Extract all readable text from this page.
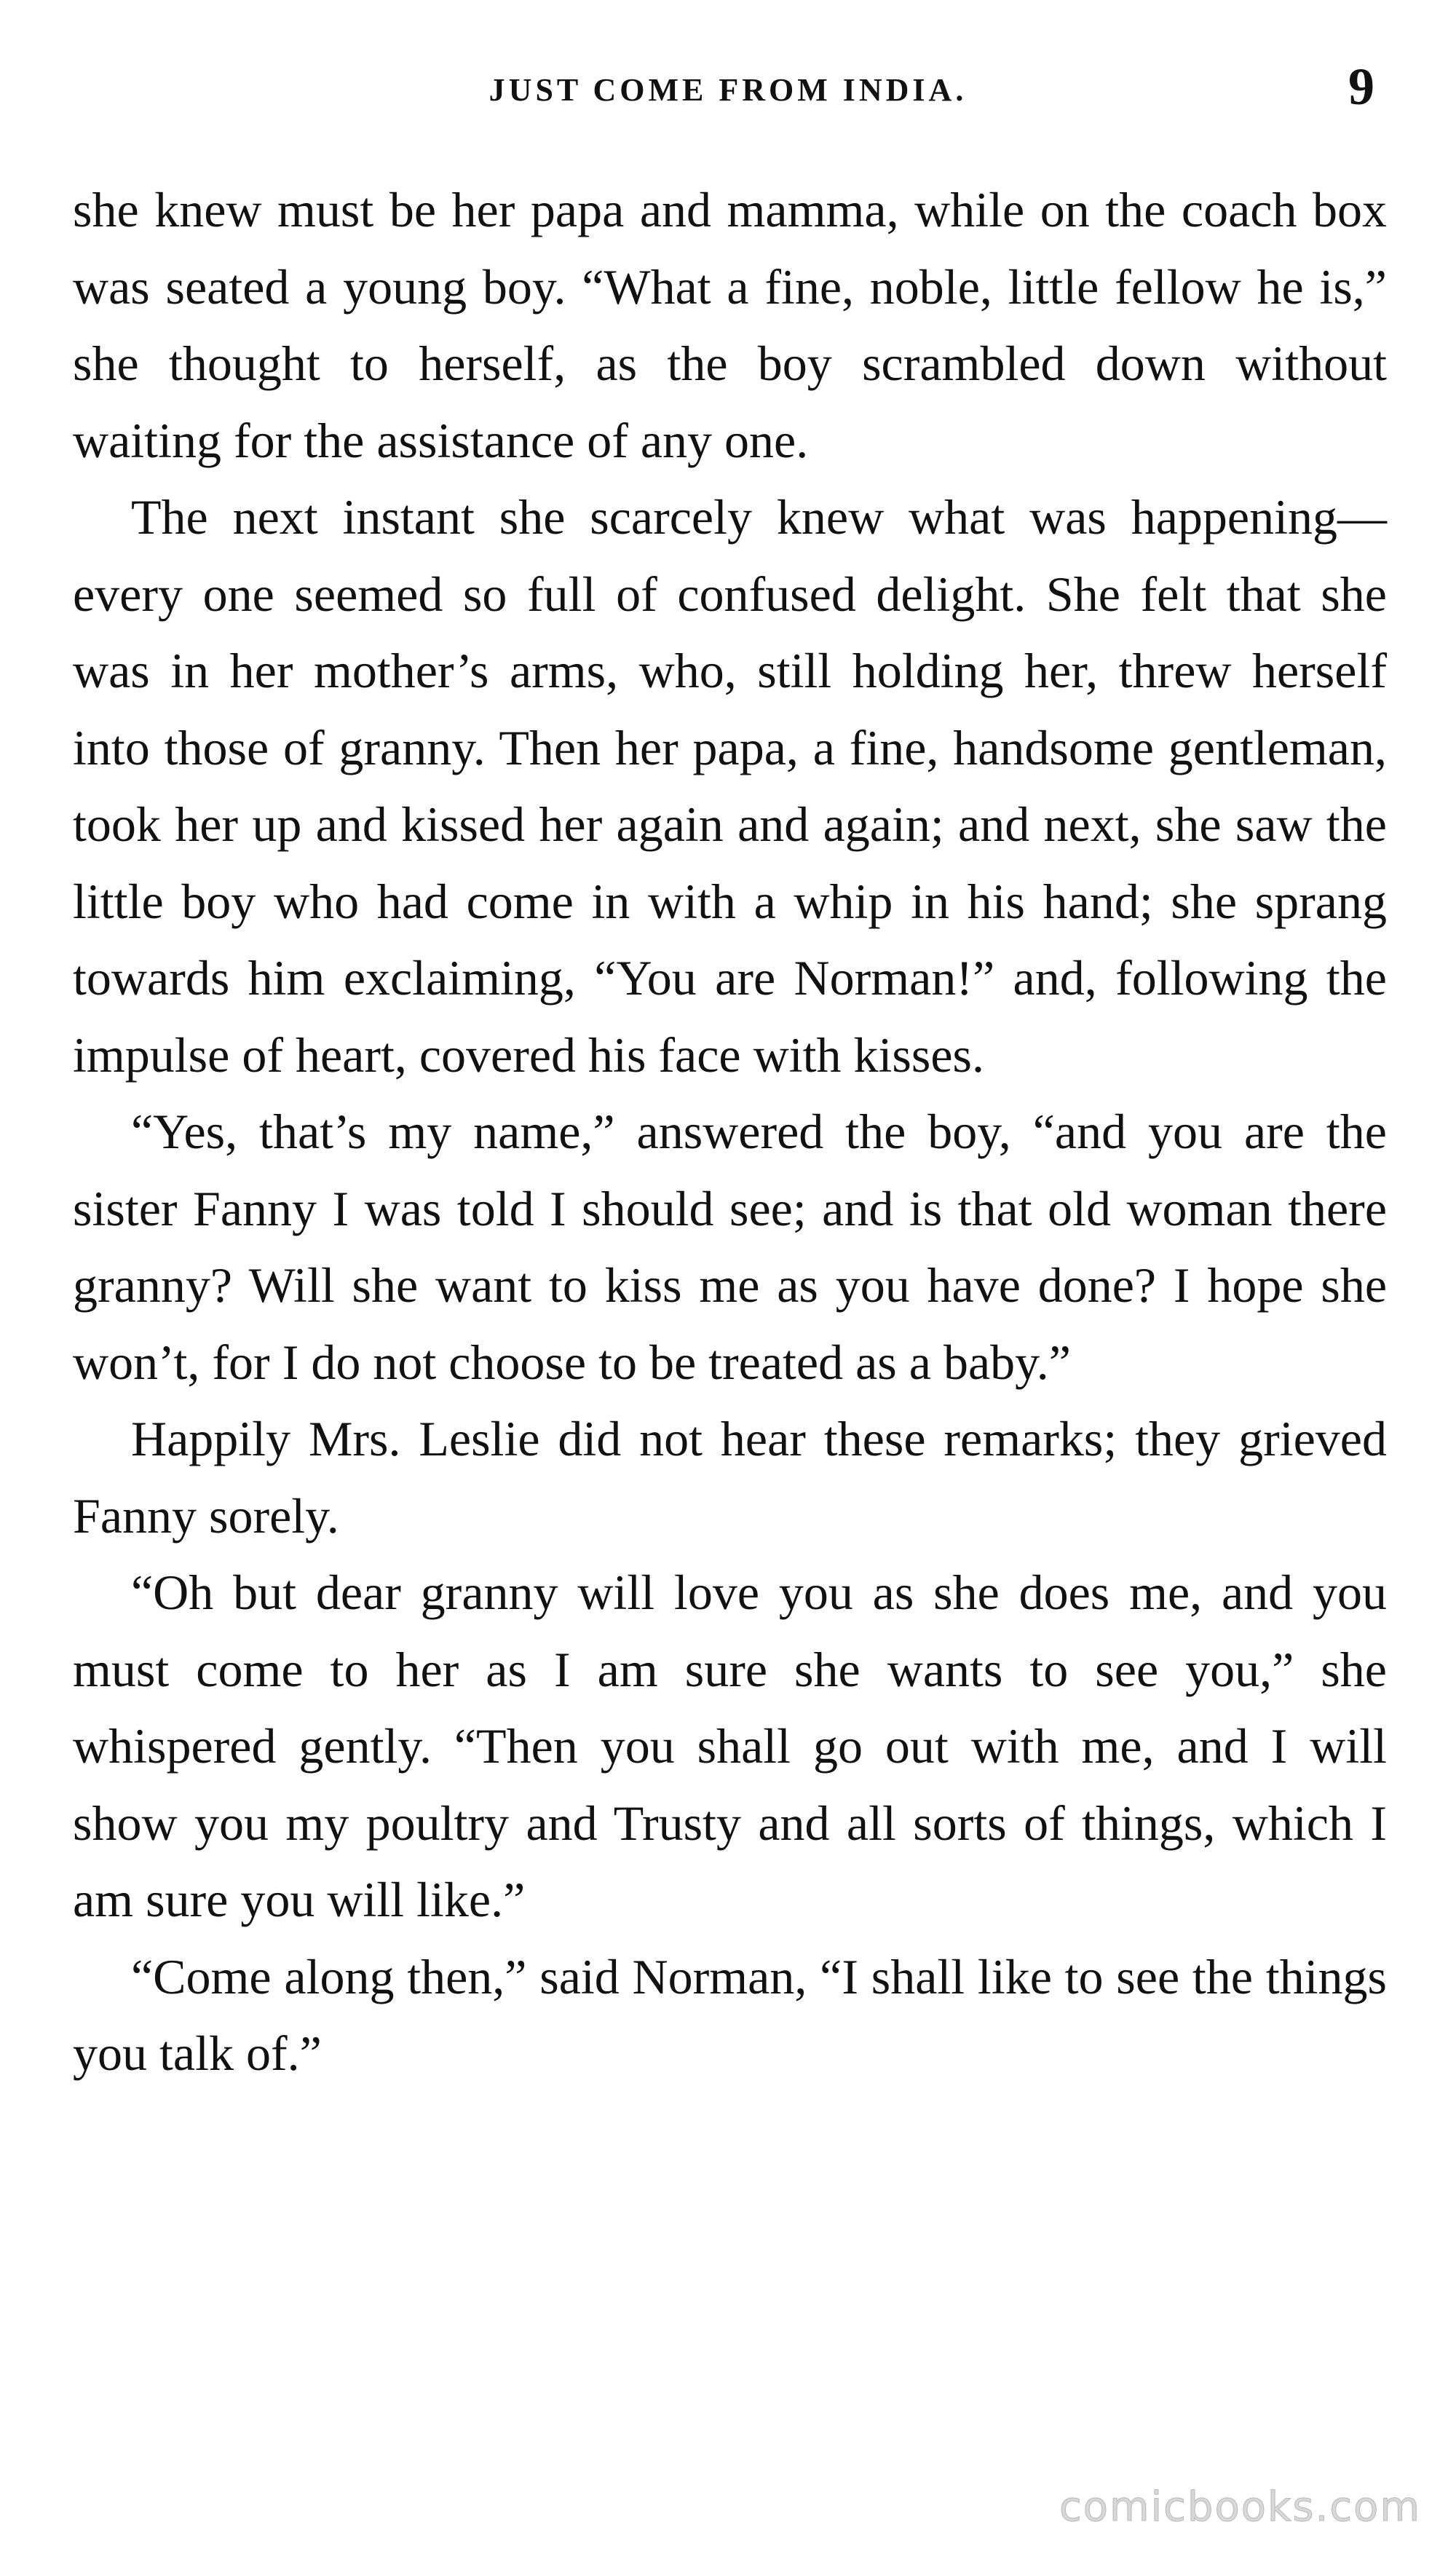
JUST COME FROM INDIA.	9

she knew must be her papa and mamma, while on the coach box was seated a young boy. “What a fine, noble, little fellow he is,” she thought to herself, as the boy scrambled down without waiting for the assistance of any one.

The next instant she scarcely knew what was happening—every one seemed so full of confused delight. She felt that she was in her mother’s arms, who, still holding her, threw herself into those of granny. Then her papa, a fine, handsome gentleman, took her up and kissed her again and again; and next, she saw the little boy who had come in with a whip in his hand; she sprang towards him exclaiming, “You are Norman!” and, following the impulse of heart, covered his face with kisses.

“Yes, that’s my name,” answered the boy, “and you are the sister Fanny I was told I should see; and is that old woman there granny? Will she want to kiss me as you have done? I hope she won’t, for I do not choose to be treated as a baby.”

Happily Mrs. Leslie did not hear these remarks; they grieved Fanny sorely.

“Oh but dear granny will love you as she does me, and you must come to her as I am sure she wants to see you,” she whispered gently. “Then you shall go out with me, and I will show you my poultry and Trusty and all sorts of things, which I am sure you will like.”

“Come along then,” said Norman, “I shall like to see the things you talk of.”

comicbooks.com
